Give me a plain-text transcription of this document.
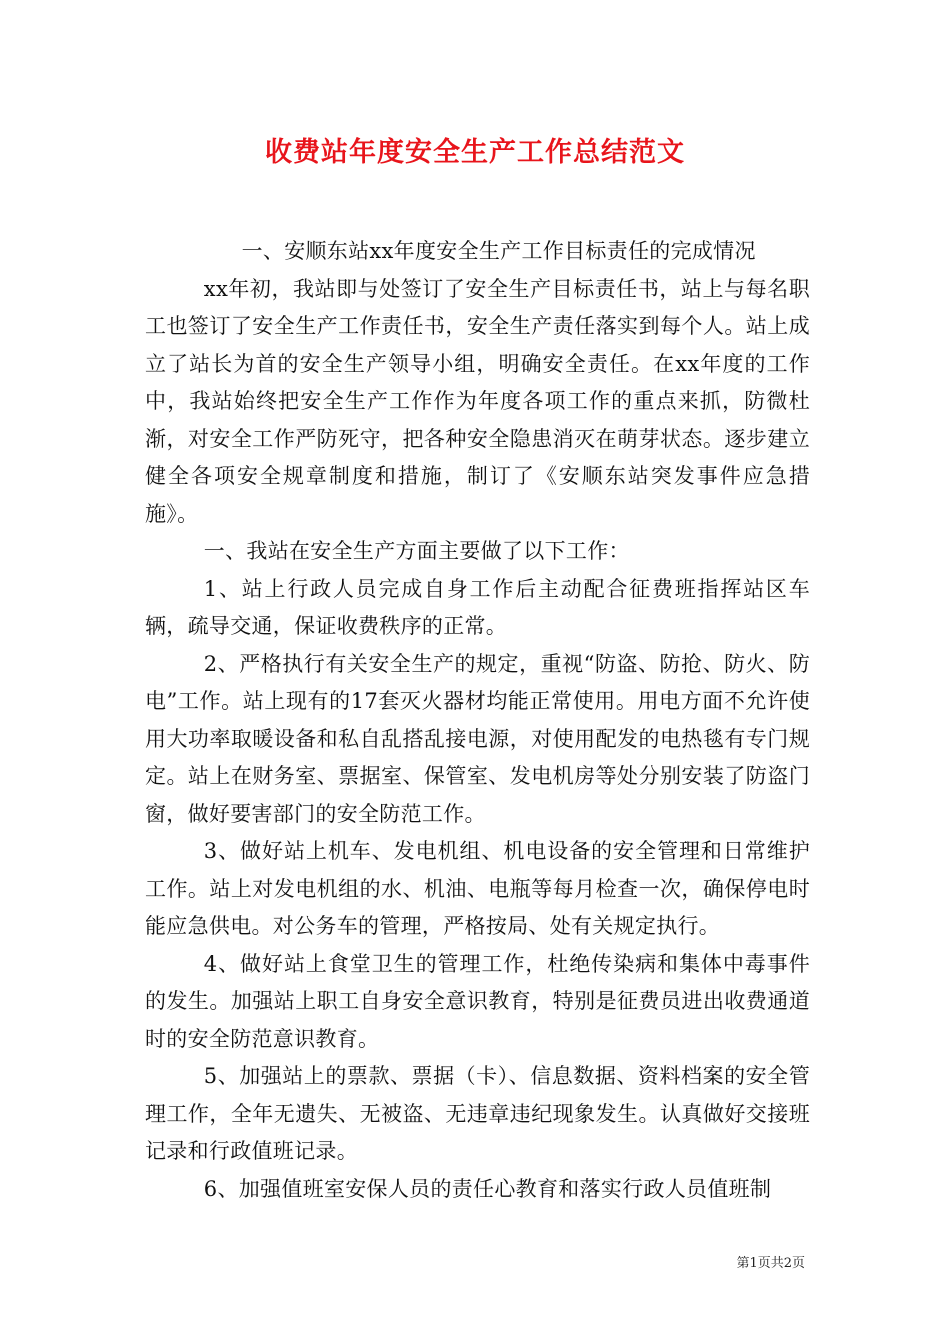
收费站年度安全生产工作总结范文

一、安顺东站xx年度安全生产工作目标责任的完成情况

xx年初，我站即与处签订了安全生产目标责任书，站上与每名职工也签订了安全生产工作责任书，安全生产责任落实到每个人。站上成立了站长为首的安全生产领导小组，明确安全责任。在xx年度的工作中，我站始终把安全生产工作作为年度各项工作的重点来抓，防微杜渐，对安全工作严防死守，把各种安全隐患消灭在萌芽状态。逐步建立健全各项安全规章制度和措施，制订了《安顺东站突发事件应急措施》。

一、我站在安全生产方面主要做了以下工作：

1、站上行政人员完成自身工作后主动配合征费班指挥站区车辆，疏导交通，保证收费秩序的正常。

2、严格执行有关安全生产的规定，重视“防盗、防抢、防火、防电”工作。站上现有的17套灭火器材均能正常使用。用电方面不允许使用大功率取暖设备和私自乱搭乱接电源，对使用配发的电热毯有专门规定。站上在财务室、票据室、保管室、发电机房等处分别安装了防盗门窗，做好要害部门的安全防范工作。

3、做好站上机车、发电机组、机电设备的安全管理和日常维护工作。站上对发电机组的水、机油、电瓶等每月检查一次，确保停电时能应急供电。对公务车的管理，严格按局、处有关规定执行。

4、做好站上食堂卫生的管理工作，杜绝传染病和集体中毒事件的发生。加强站上职工自身安全意识教育，特别是征费员进出收费通道时的安全防范意识教育。

5、加强站上的票款、票据（卡）、信息数据、资料档案的安全管理工作，全年无遗失、无被盗、无违章违纪现象发生。认真做好交接班记录和行政值班记录。

6、加强值班室安保人员的责任心教育和落实行政人员值班制

第1页共2页
